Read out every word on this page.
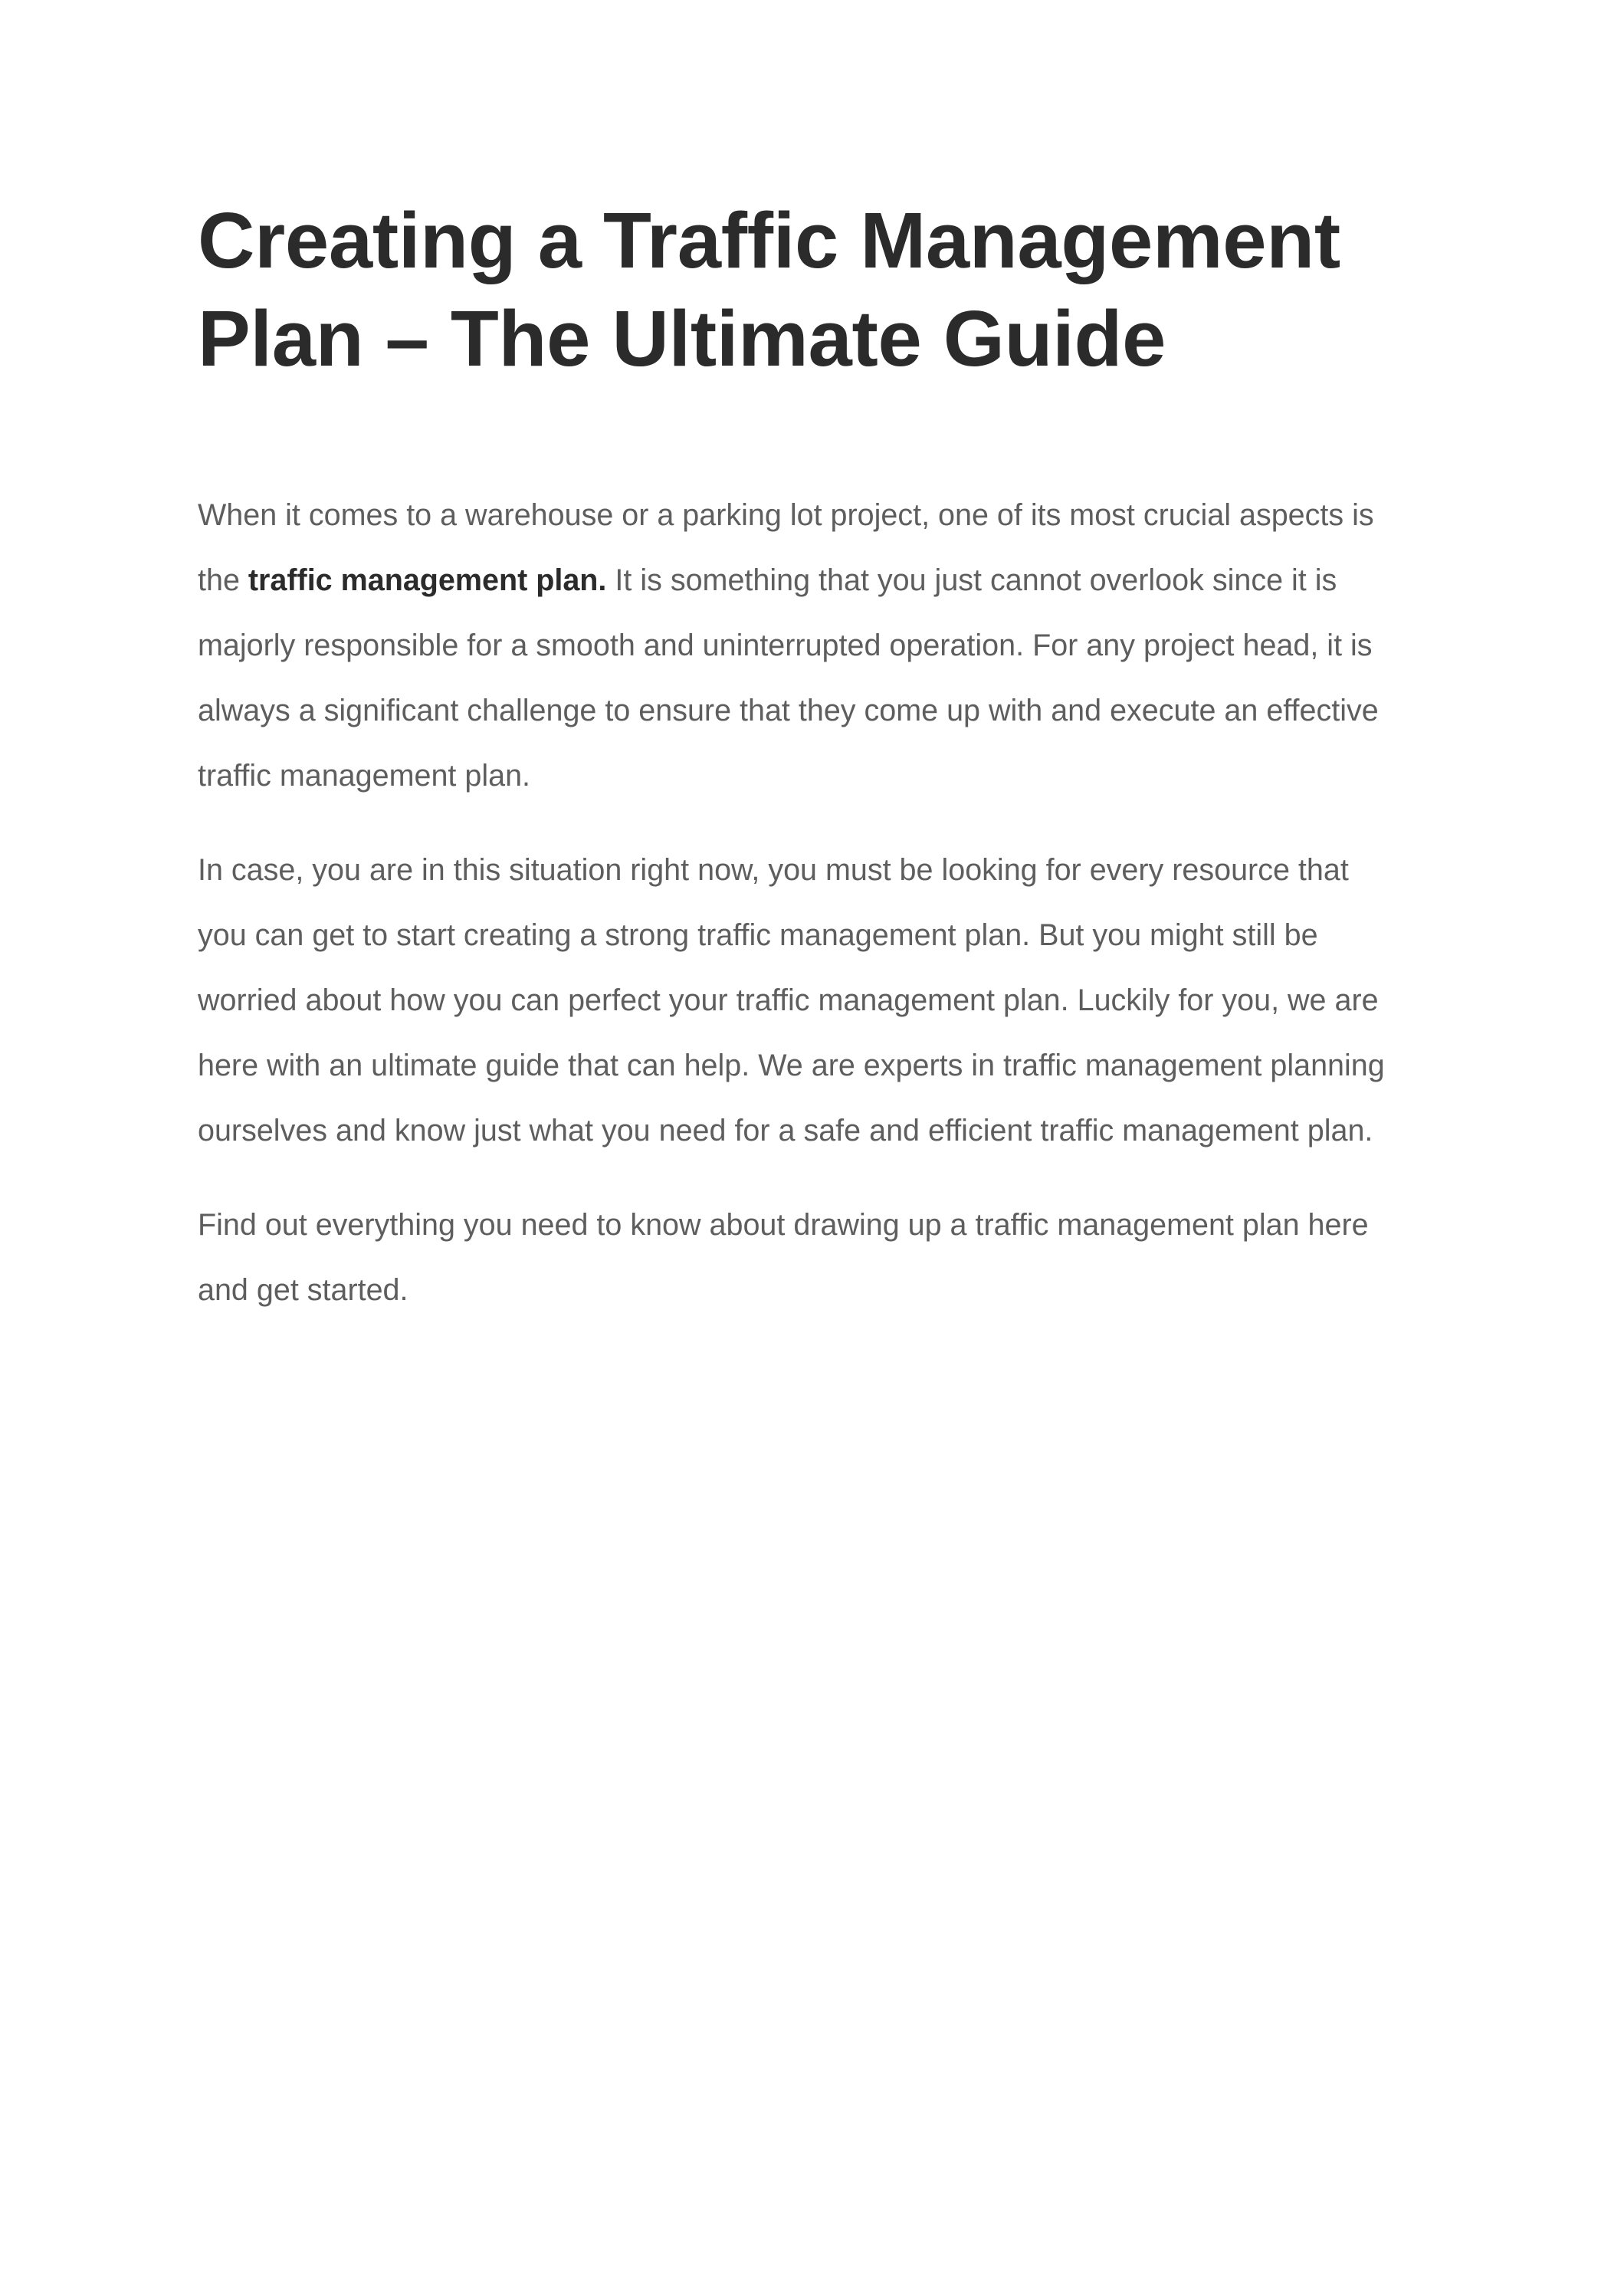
Creating a Traffic Management
Plan – The Ultimate Guide

When it comes to a warehouse or a parking lot project, one of its most crucial aspects is
the traffic management plan. It is something that you just cannot overlook since it is
majorly responsible for a smooth and uninterrupted operation. For any project head, it is
always a significant challenge to ensure that they come up with and execute an effective
traffic management plan.

In case, you are in this situation right now, you must be looking for every resource that
you can get to start creating a strong traffic management plan. But you might still be
worried about how you can perfect your traffic management plan. Luckily for you, we are
here with an ultimate guide that can help. We are experts in traffic management planning
ourselves and know just what you need for a safe and efficient traffic management plan.

Find out everything you need to know about drawing up a traffic management plan here
and get started.
